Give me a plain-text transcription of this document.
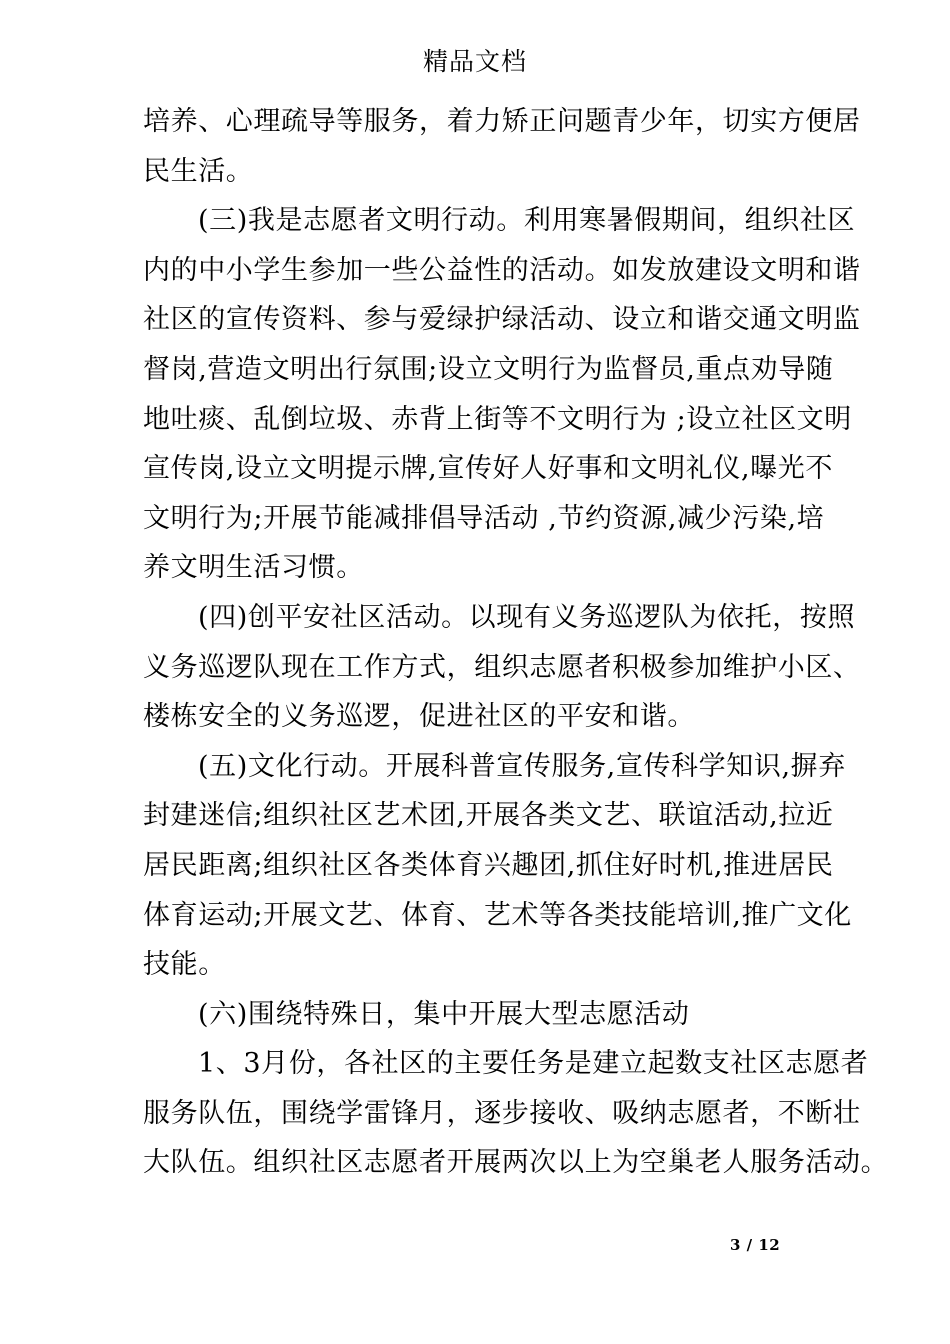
精品文档
培养、心理疏导等服务，着力矫正问题青少年，切实方便居
民生活。
(三)我是志愿者文明行动。利用寒暑假期间，组织社区
内的中小学生参加一些公益性的活动。如发放建设文明和谐
社区的宣传资料、参与爱绿护绿活动、设立和谐交通文明监
督岗,营造文明出行氛围;设立文明行为监督员,重点劝导随
地吐痰、乱倒垃圾、赤背上街等不文明行为 ;设立社区文明
宣传岗,设立文明提示牌,宣传好人好事和文明礼仪,曝光不
文明行为;开展节能减排倡导活动 ,节约资源,减少污染,培
养文明生活习惯。
(四)创平安社区活动。以现有义务巡逻队为依托，按照
义务巡逻队现在工作方式，组织志愿者积极参加维护小区、
楼栋安全的义务巡逻，促进社区的平安和谐。
(五)文化行动。开展科普宣传服务,宣传科学知识,摒弃
封建迷信;组织社区艺术团,开展各类文艺、联谊活动,拉近
居民距离;组织社区各类体育兴趣团,抓住好时机,推进居民
体育运动;开展文艺、体育、艺术等各类技能培训,推广文化
技能。
(六)围绕特殊日，集中开展大型志愿活动
1、3月份，各社区的主要任务是建立起数支社区志愿者
服务队伍，围绕学雷锋月，逐步接收、吸纳志愿者，不断壮
大队伍。组织社区志愿者开展两次以上为空巢老人服务活动。
3 / 12
